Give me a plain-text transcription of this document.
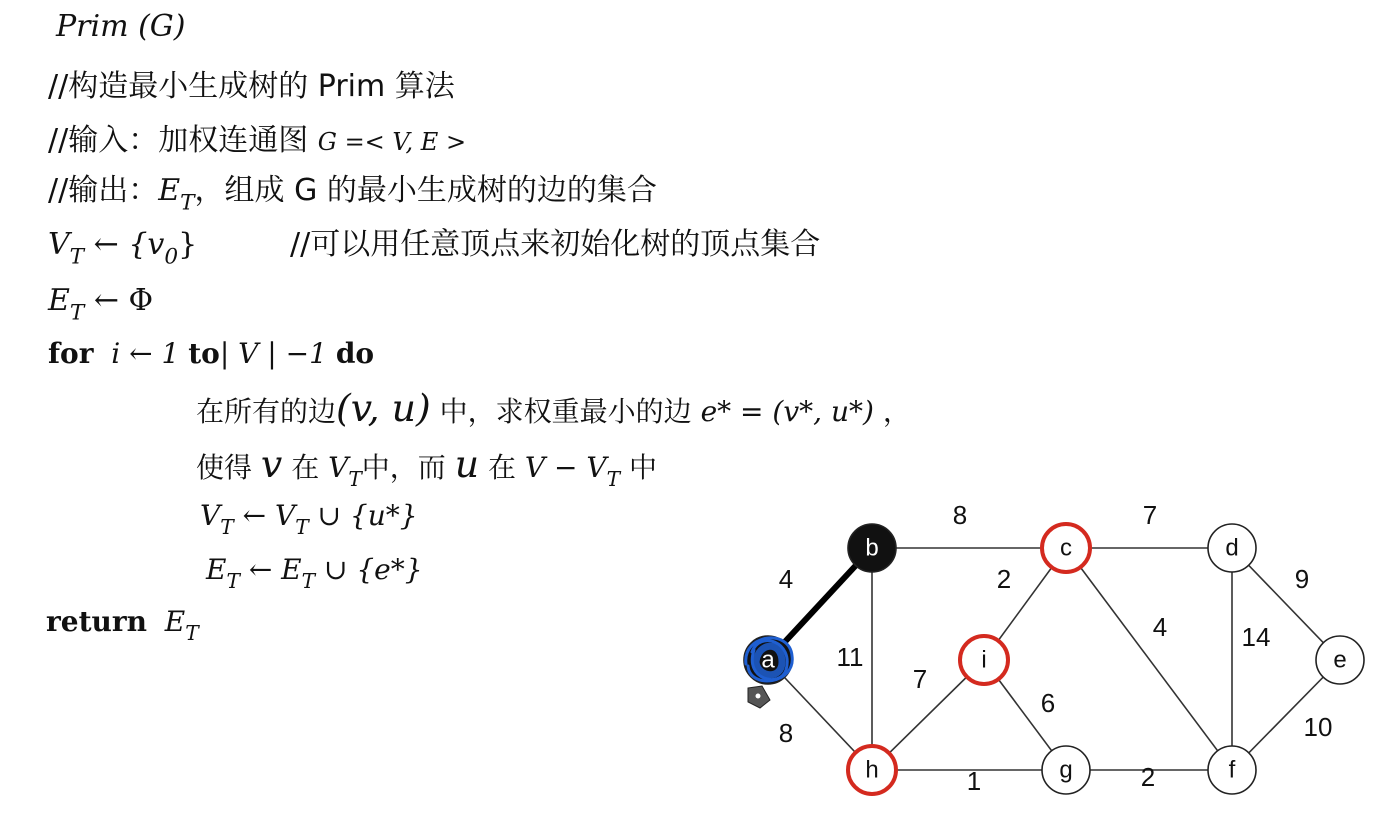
Prim (G)
//构造最小生成树的 Prim 算法
//输入：加权连通图 G =< V, E >
//输出：$E_T$，组成 G 的最小生成树的边的集合
$V_T$ ← $\{v_0\}$	//可以用任意顶点来初始化树的顶点集合
$E_T$ ← Φ
for i ← 1 to| V | −1 do
在所有的边(v, u) 中，求权重最小的边 e* = (v*, u*) ，
使得 v 在 $V_T$中，而 u 在 $V - V_T$ 中
$V_T$ ← $V_T$ ∪ {u*}
$E_T$ ← $E_T$ ∪ {e*}
return $E_T$
4
8
8
11
7
2
4
9
14
10
2
1
6
7
a
b	c	d
e
f
g
h
i
